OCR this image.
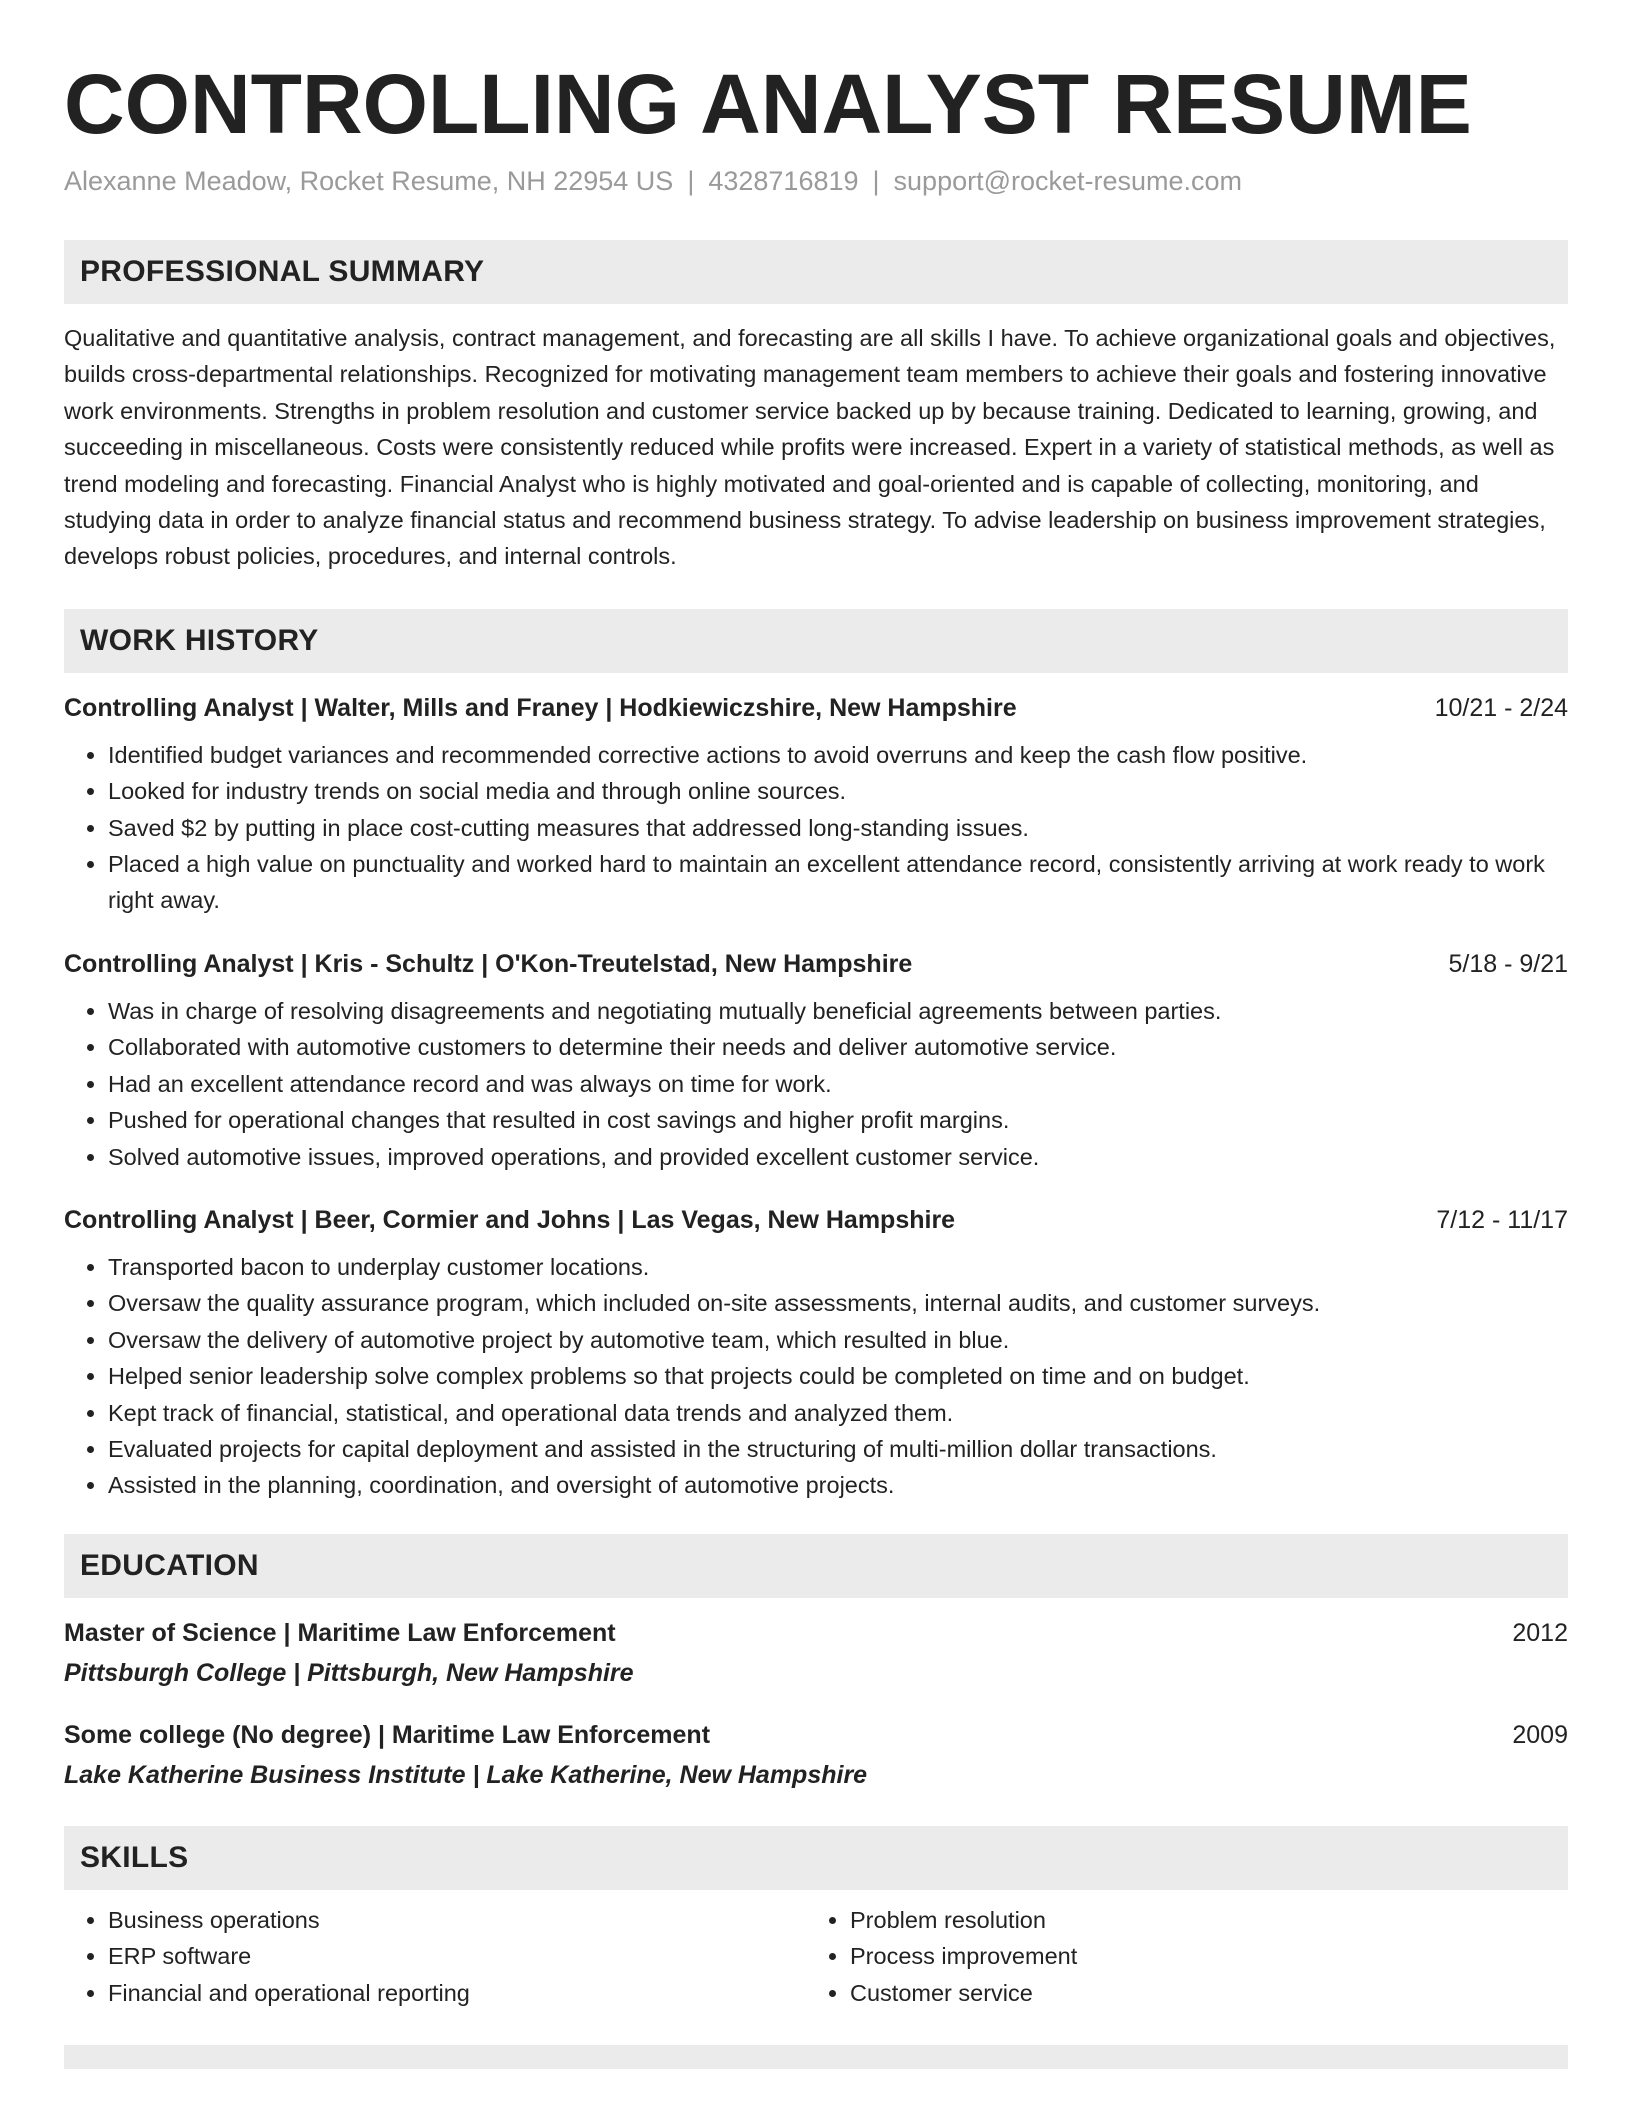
CONTROLLING ANALYST RESUME
Alexanne Meadow, Rocket Resume, NH 22954 US | 4328716819 | support@rocket-resume.com
PROFESSIONAL SUMMARY

Qualitative and quantitative analysis, contract management, and forecasting are all skills I have. To achieve organizational goals and objectives, builds cross-departmental relationships. Recognized for motivating management team members to achieve their goals and fostering innovative work environments. Strengths in problem resolution and customer service backed up by because training. Dedicated to learning, growing, and succeeding in miscellaneous. Costs were consistently reduced while profits were increased. Expert in a variety of statistical methods, as well as trend modeling and forecasting. Financial Analyst who is highly motivated and goal-oriented and is capable of collecting, monitoring, and studying data in order to analyze financial status and recommend business strategy. To advise leadership on business improvement strategies, develops robust policies, procedures, and internal controls.

WORK HISTORY
Controlling Analyst | Walter, Mills and Franey | Hodkiewiczshire, New Hampshire	10/21 - 2/24
• Identified budget variances and recommended corrective actions to avoid overruns and keep the cash flow positive.
• Looked for industry trends on social media and through online sources.
• Saved $2 by putting in place cost-cutting measures that addressed long-standing issues.
• Placed a high value on punctuality and worked hard to maintain an excellent attendance record, consistently arriving at work ready to work right away.
Controlling Analyst | Kris - Schultz | O'Kon-Treutelstad, New Hampshire	5/18 - 9/21
• Was in charge of resolving disagreements and negotiating mutually beneficial agreements between parties.
• Collaborated with automotive customers to determine their needs and deliver automotive service.
• Had an excellent attendance record and was always on time for work.
• Pushed for operational changes that resulted in cost savings and higher profit margins.
• Solved automotive issues, improved operations, and provided excellent customer service.
Controlling Analyst | Beer, Cormier and Johns | Las Vegas, New Hampshire	7/12 - 11/17
• Transported bacon to underplay customer locations.
• Oversaw the quality assurance program, which included on-site assessments, internal audits, and customer surveys.
• Oversaw the delivery of automotive project by automotive team, which resulted in blue.
• Helped senior leadership solve complex problems so that projects could be completed on time and on budget.
• Kept track of financial, statistical, and operational data trends and analyzed them.
• Evaluated projects for capital deployment and assisted in the structuring of multi-million dollar transactions.
• Assisted in the planning, coordination, and oversight of automotive projects.
EDUCATION
Master of Science | Maritime Law Enforcement	2012
Pittsburgh College | Pittsburgh, New Hampshire
Some college (No degree) | Maritime Law Enforcement	2009
Lake Katherine Business Institute | Lake Katherine, New Hampshire
SKILLS
• Business operations
• ERP software
• Financial and operational reporting
• Problem resolution
• Process improvement
• Customer service
